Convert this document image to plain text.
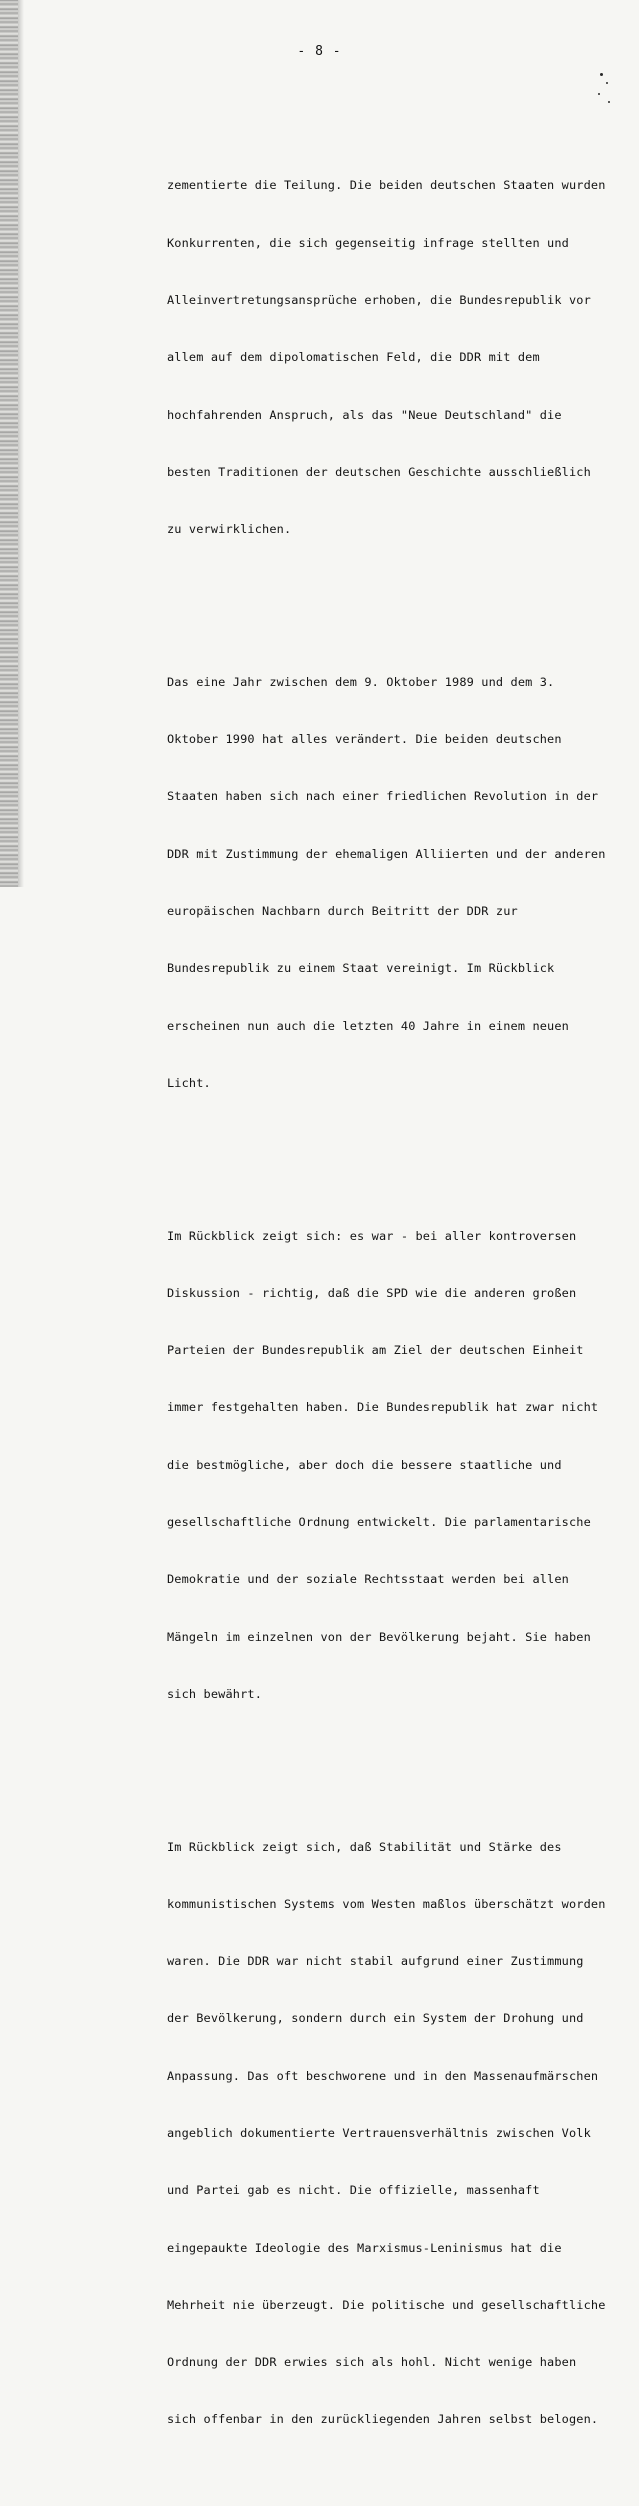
- 8 -

zementierte die Teilung. Die beiden deutschen Staaten wurden

Konkurrenten, die sich gegenseitig infrage stellten und

Alleinvertretungsansprüche erhoben, die Bundesrepublik vor

allem auf dem dipolomatischen Feld, die DDR mit dem

hochfahrenden Anspruch, als das "Neue Deutschland" die

besten Traditionen der deutschen Geschichte ausschließlich

zu verwirklichen.

Das eine Jahr zwischen dem 9. Oktober 1989 und dem 3.

Oktober 1990 hat alles verändert. Die beiden deutschen

Staaten haben sich nach einer friedlichen Revolution in der

DDR mit Zustimmung der ehemaligen Alliierten und der anderen

europäischen Nachbarn durch Beitritt der DDR zur

Bundesrepublik zu einem Staat vereinigt. Im Rückblick

erscheinen nun auch die letzten 40 Jahre in einem neuen

Licht.

Im Rückblick zeigt sich: es war - bei aller kontroversen

Diskussion - richtig, daß die SPD wie die anderen großen

Parteien der Bundesrepublik am Ziel der deutschen Einheit

immer festgehalten haben. Die Bundesrepublik hat zwar nicht

die bestmögliche, aber doch die bessere staatliche und

gesellschaftliche Ordnung entwickelt. Die parlamentarische

Demokratie und der soziale Rechtsstaat werden bei allen

Mängeln im einzelnen von der Bevölkerung bejaht. Sie haben

sich bewährt.

Im Rückblick zeigt sich, daß Stabilität und Stärke des

kommunistischen Systems vom Westen maßlos überschätzt worden

waren. Die DDR war nicht stabil aufgrund einer Zustimmung

der Bevölkerung, sondern durch ein System der Drohung und

Anpassung. Das oft beschworene und in den Massenaufmärschen

angeblich dokumentierte Vertrauensverhältnis zwischen Volk

und Partei gab es nicht. Die offizielle, massenhaft

eingepaukte Ideologie des Marxismus-Leninismus hat die

Mehrheit nie überzeugt. Die politische und gesellschaftliche

Ordnung der DDR erwies sich als hohl. Nicht wenige haben

sich offenbar in den zurückliegenden Jahren selbst belogen.
